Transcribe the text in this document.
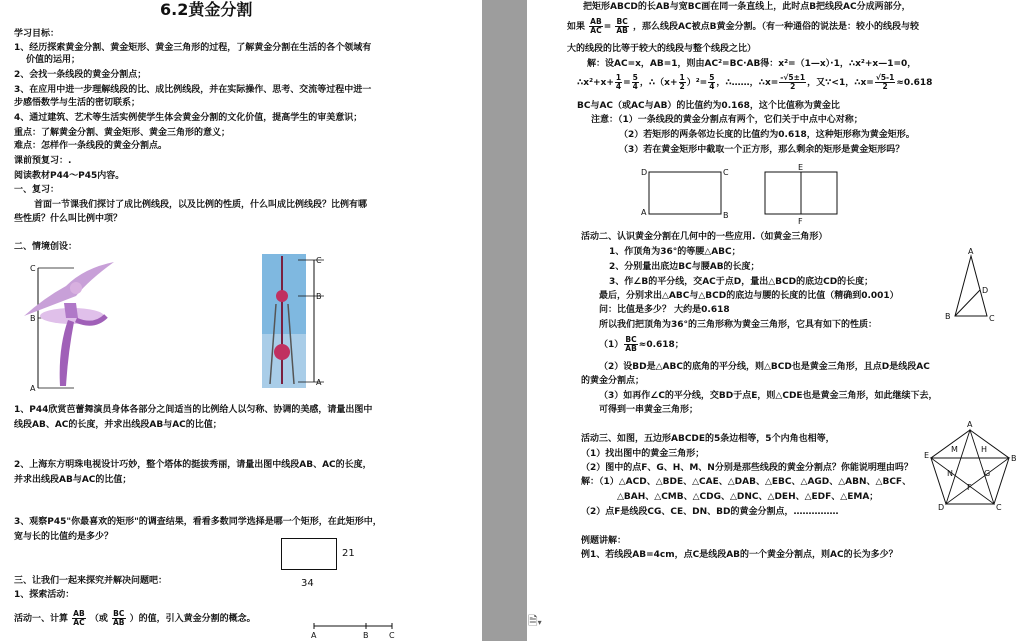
6.2黄金分割
学习目标：
1、经历探索黄金分割、黄金矩形、黄金三角形的过程，了解黄金分割在生活的各个领域有
价值的运用；
2、会找一条线段的黄金分割点；
3、在应用中进一步理解线段的比、成比例线段，并在实际操作、思考、交流等过程中进一
步感悟数学与生活的密切联系；
4、通过建筑、艺术等生活实例使学生体会黄金分割的文化价值，提高学生的审美意识；
重点：了解黄金分割、黄金矩形、黄金三角形的意义；
难点：怎样作一条线段的黄金分割点。
课前预复习：.
阅读教材P44～P45内容。
一、复习：
首面一节课我们探讨了成比例线段，以及比例的性质，什么叫成比例线段？比例有哪
些性质？什么叫比例中项？
二、情境创设：
C
B
A
C
B
A
1、P44欣赏芭蕾舞演员身体各部分之间适当的比例给人以匀称、协调的美感，请量出图中
线段AB、AC的长度，并求出线段AB与AC的比值；
2、上海东方明珠电视设计巧妙，整个塔体的挺拔秀丽，请量出图中线段AB、AC的长度，
并求出线段AB与AC的比值；
3、观察P45"你最喜欢的矩形"的调查结果，看看多数同学选择是哪一个矩形，在此矩形中，
宽与长的比值约是多少？
21
34
三、让我们一起来探究并解决问题吧：
1、探索活动：
活动一、计算 $\frac{AB}{AC}$ （或 $\frac{BC}{AB}$ ）的值，引入黄金分割的概念。
A	B	C
把矩形ABCD的长AB与宽BC画在同一条直线上，此时点B把线段AC分成两部分，
如果 $\frac{AB}{AC} = \frac{BC}{AB}$ ，那么线段AC被点B黄金分割。（有一种通俗的说法是：较小的线段与较
大的线段的比等于较大的线段与整个线段之比）
解：设AC=x，AB=1，则由AC²=BC·AB得：x²=（1—x）·1，∴x²+x—1=0，
∴x²+x+ $\frac{1}{4} = \frac{5}{4}$ ，∴（x+ $\frac{1}{2} )^2= \frac{5}{4}$ ，∴……，∴x= $\frac{-√5\pm 1}{2}$ ，又∵<1，∴x= $\frac{√5-1}{2} \approx 0.618$
BC与AC（或AC与AB）的比值约为0.168，这个比值称为黄金比
注意：（1）一条线段的黄金分割点有两个，它们关于中点中心对称；
（2）若矩形的两条邻边长度的比值约为0.618，这种矩形称为黄金矩形。
（3）若在黄金矩形中截取一个正方形，那么剩余的矩形是黄金矩形吗？
D	C
A	B
E
F
活动二、认识黄金分割在几何中的一些应用.（如黄金三角形）
1、作顶角为36°的等腰△ABC；
2、分别量出底边BC与腰AB的长度；
3、作∠B的平分线，交AC于点D，量出△BCD的底边CD的长度；
最后，分别求出△ABC与△BCD的底边与腰的长度的比值（精确到0.001）
问：比值是多少？ 大约是0.618
所以我们把顶角为36°的三角形称为黄金三角形，它具有如下的性质：
$(1) \frac{BC}{AB} \approx 0.618$；
（2）设BD是△ABC的底角的平分线，则△BCD也是黄金三角形，且点D是线段AC
的黄金分割点；
（3）如再作∠C的平分线，交BD于点E，则△CDE也是黄金三角形，如此继续下去，
可得到一串黄金三角形；
A
D
B	C
活动三、如图，五边形ABCDE的5条边相等，5个内角也相等，
（1）找出图中的黄金三角形；
（2）图中的点F、G、H、M、N分别是那些线段的黄金分割点？你能说明理由吗？
解：（1）△ACD、△BDE、△CAE、△DAB、△EBC、△AGD、△ABN、△BCF、
△BAH、△CMB、△CDG、△DNC、△DEH、△EDF、△EMA；
（2）点F是线段CG、CE、DN、BD的黄金分割点，……………
A
B
C
D
E
F
G
H
M
N
例题讲解：
例1、若线段AB=4cm，点C是线段AB的一个黄金分割点，则AC的长为多少？
🗎▾
